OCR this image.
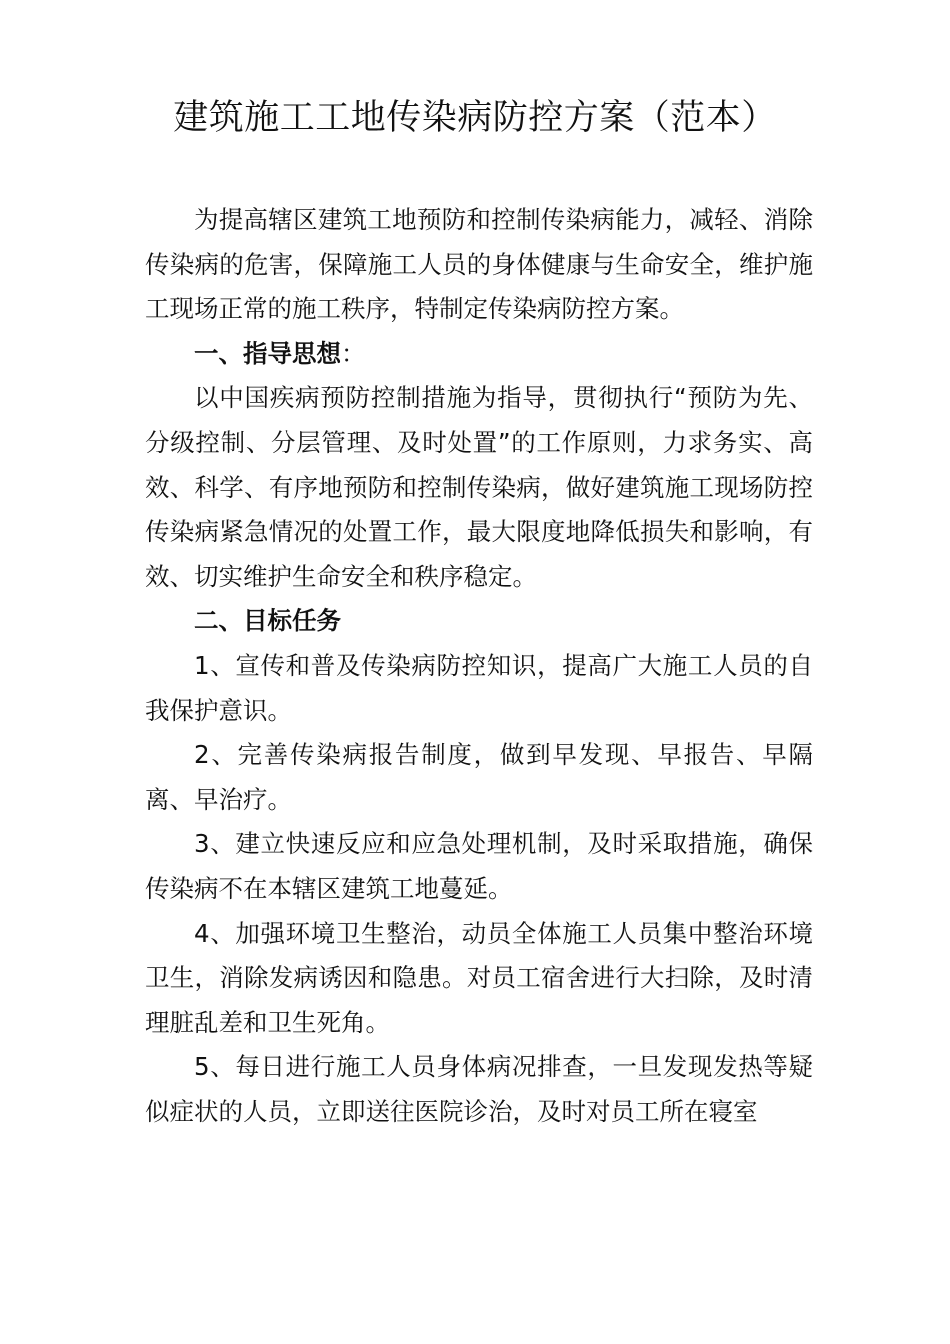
建筑施工工地传染病防控方案（范本）

为提高辖区建筑工地预防和控制传染病能力，减轻、消除传染病的危害，保障施工人员的身体健康与生命安全，维护施工现场正常的施工秩序，特制定传染病防控方案。

一、指导思想：

以中国疾病预防控制措施为指导，贯彻执行“预防为先、分级控制、分层管理、及时处置”的工作原则，力求务实、高效、科学、有序地预防和控制传染病，做好建筑施工现场防控传染病紧急情况的处置工作，最大限度地降低损失和影响，有效、切实维护生命安全和秩序稳定。

二、目标任务

1、宣传和普及传染病防控知识，提高广大施工人员的自我保护意识。

2、完善传染病报告制度，做到早发现、早报告、早隔离、早治疗。

3、建立快速反应和应急处理机制，及时采取措施，确保传染病不在本辖区建筑工地蔓延。

4、加强环境卫生整治，动员全体施工人员集中整治环境卫生，消除发病诱因和隐患。对员工宿舍进行大扫除，及时清理脏乱差和卫生死角。

5、每日进行施工人员身体病况排查，一旦发现发热等疑似症状的人员，立即送往医院诊治，及时对员工所在寝室
